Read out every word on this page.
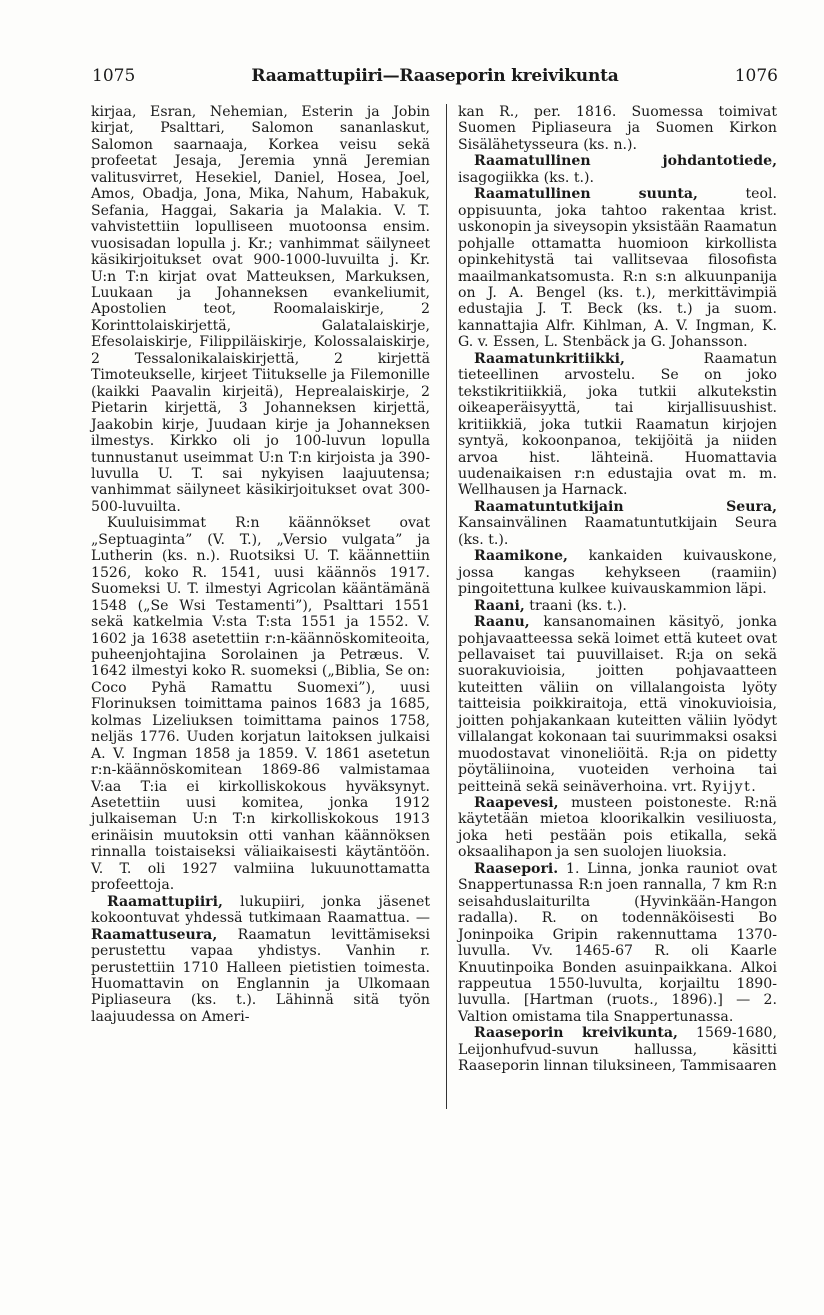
1075	Raamattupiiri—Raaseporin kreivikunta	1076

kirjaa, Esran, Nehemian, Esterin ja Jobin kirjat, Psalttari, Salomon sananlaskut, Salomon saarnaaja, Korkea veisu sekä profeetat Jesaja, Jeremia ynnä Jeremian valitusvirret, Hesekiel, Daniel, Hosea, Joel, Amos, Obadja, Jona, Mika, Nahum, Habakuk, Sefania, Haggai, Sakaria ja Malakia. V. T. vahvistettiin lopulliseen muotoonsa ensim. vuosisadan lopulla j. Kr.; vanhimmat säilyneet käsikirjoitukset ovat 900-1000-luvuilta j. Kr. U:n T:n kirjat ovat Matteuksen, Markuksen, Luukaan ja Johanneksen evankeliumit, Apostolien teot, Roomalaiskirje, 2 Korinttolaiskirjettä, Galatalaiskirje, Efesolaiskirje, Filippiläiskirje, Kolossalaiskirje, 2 Tessalonikalaiskirjettä, 2 kirjettä Timoteukselle, kirjeet Tiitukselle ja Filemonille (kaikki Paavalin kirjeitä), Heprealaiskirje, 2 Pietarin kirjettä, 3 Johanneksen kirjettä, Jaakobin kirje, Juudaan kirje ja Johanneksen ilmestys. Kirkko oli jo 100-luvun lopulla tunnustanut useimmat U:n T:n kirjoista ja 390-luvulla U. T. sai nykyisen laajuutensa; vanhimmat säilyneet käsikirjoitukset ovat 300-500-luvuilta.

Kuuluisimmat R:n käännökset ovat „Septuaginta” (V. T.), „Versio vulgata” ja Lutherin (ks. n.). Ruotsiksi U. T. käännettiin 1526, koko R. 1541, uusi käännös 1917. Suomeksi U. T. ilmestyi Agricolan kääntämänä 1548 („Se Wsi Testamenti”), Psalttari 1551 sekä katkelmia V:sta T:sta 1551 ja 1552. V. 1602 ja 1638 asetettiin r:n-käännöskomiteoita, puheenjohtajina Sorolainen ja Petræus. V. 1642 ilmestyi koko R. suomeksi („Biblia, Se on: Coco Pyhä Ramattu Suomexi”), uusi Florinuksen toimittama painos 1683 ja 1685, kolmas Lizeliuksen toimittama painos 1758, neljäs 1776. Uuden korjatun laitoksen julkaisi A. V. Ingman 1858 ja 1859. V. 1861 asetetun r:n-käännöskomitean 1869-86 valmistamaa V:aa T:ia ei kirkolliskokous hyväksynyt. Asetettiin uusi komitea, jonka 1912 julkaiseman U:n T:n kirkolliskokous 1913 erinäisin muutoksin otti vanhan käännöksen rinnalla toistaiseksi väliaikaisesti käytäntöön. V. T. oli 1927 valmiina lukuunottamatta profeettoja.

Raamattupiiri, lukupiiri, jonka jäsenet kokoontuvat yhdessä tutkimaan Raamattua. — Raamattuseura, Raamatun levittämiseksi perustettu vapaa yhdistys. Vanhin r. perustettiin 1710 Halleen pietistien toimesta. Huomattavin on Englannin ja Ulkomaan Pipliaseura (ks. t.). Lähinnä sitä työn laajuudessa on Ameri-

kan R., per. 1816. Suomessa toimivat Suomen Pipliaseura ja Suomen Kirkon Sisälähetysseura (ks. n.).

Raamatullinen johdantotiede, isagogiikka (ks. t.).

Raamatullinen suunta, teol. oppisuunta, joka tahtoo rakentaa krist. uskonopin ja siveysopin yksistään Raamatun pohjalle ottamatta huomioon kirkollista opinkehitystä tai vallitsevaa filosofista maailmankatsomusta. R:n s:n alkuunpanija on J. A. Bengel (ks. t.), merkittävimpiä edustajia J. T. Beck (ks. t.) ja suom. kannattajia Alfr. Kihlman, A. V. Ingman, K. G. v. Essen, L. Stenbäck ja G. Johansson.

Raamatunkritiikki, Raamatun tieteellinen arvostelu. Se on joko tekstikritiikkiä, joka tutkii alkutekstin oikeaperäisyyttä, tai kirjallisuushist. kritiikkiä, joka tutkii Raamatun kirjojen syntyä, kokoonpanoa, tekijöitä ja niiden arvoa hist. lähteinä. Huomattavia uudenaikaisen r:n edustajia ovat m. m. Wellhausen ja Harnack.

Raamatuntutkijain Seura, Kansainvälinen Raamatuntutkijain Seura (ks. t.).

Raamikone, kankaiden kuivauskone, jossa kangas kehykseen (raamiin) pingoitettuna kulkee kuivauskammion läpi.

Raani, traani (ks. t.).

Raanu, kansanomainen käsityö, jonka pohjavaatteessa sekä loimet että kuteet ovat pellavaiset tai puuvillaiset. R:ja on sekä suorakuvioisia, joitten pohjavaatteen kuteitten väliin on villalangoista lyöty taitteisia poikkiraitoja, että vinokuvioisia, joitten pohjakankaan kuteitten väliin lyödyt villalangat kokonaan tai suurimmaksi osaksi muodostavat vinoneliöitä. R:ja on pidetty pöytäliinoina, vuoteiden verhoina tai peitteinä sekä seinäverhoina. vrt. Ryijyt.

Raapevesi, musteen poistoneste. R:nä käytetään mietoa kloorikalkin vesiliuosta, joka heti pestään pois etikalla, sekä oksaalihapon ja sen suolojen liuoksia.

Raasepori. 1. Linna, jonka rauniot ovat Snappertunassa R:n joen rannalla, 7 km R:n seisahduslaiturilta (Hyvinkään-Hangon radalla). R. on todennäköisesti Bo Joninpoika Gripin rakennuttama 1370-luvulla. Vv. 1465-67 R. oli Kaarle Knuutinpoika Bonden asuinpaikkana. Alkoi rappeutua 1550-luvulta, korjailtu 1890-luvulla. [Hartman (ruots., 1896).] — 2. Valtion omistama tila Snappertunassa.

Raaseporin kreivikunta, 1569-1680, Leijonhufvud-suvun hallussa, käsitti Raaseporin linnan tiluksineen, Tammisaaren
